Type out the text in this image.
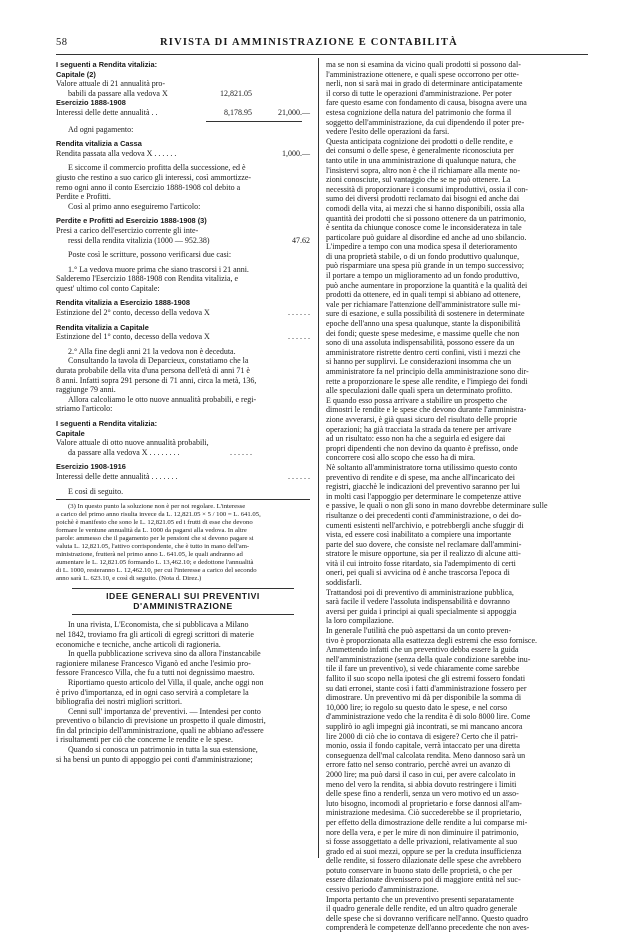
58	RIVISTA DI AMMINISTRAZIONE E CONTABILITÀ
I seguenti a Rendita vitalizia:
Capitale (2)
Valore attuale di 21 annualità pro-
babili da passare alla vedova X	12,821.05
Esercizio 1888-1908
Interessi delle dette annualità . .	8,178.95	21,000.—
Ad ogni pagamento:
Rendita vitalizia a Cassa
Rendita passata alla vedova X . . . . . .	1,000.—
E siccome il commercio profitta della successione, ed è
giusto che restino a suo carico gli interessi, così ammortizze-
remo ogni anno il conto Esercizio 1888-1908 col debito a
Perdite e Profitti.
Così al primo anno eseguiremo l'articolo:
Perdite e Profitti ad Esercizio 1888-1908 (3)
Presi a carico dell'esercizio corrente gli inte-
ressi della rendita vitalizia (1000 — 952.38)	47.62
Poste così le scritture, possono verificarsi due casi:
1.° La vedova muore prima che siano trascorsi i 21 anni.
Salderemo l'Esercizio 1888-1908 con Rendita vitalizia, e
quest' ultimo col conto Capitale:
Rendita vitalizia a Esercizio 1888-1908
Estinzione del 2° conto, decesso della vedova X	. . . . . .
Rendita vitalizia a Capitale
Estinzione del 1° conto, decesso della vedova X	. . . . . .
2.° Alla fine degli anni 21 la vedova non è deceduta.
Consultando la tavola di Deparcieux, constatiamo che la
durata probabile della vita d'una persona dell'età di anni 71 è
8 anni. Infatti sopra 291 persone di 71 anni, circa la metà, 136,
raggiunge 79 anni.
Allora calcoliamo le otto nuove annualità probabili, e regi-
striamo l'articolo:
I seguenti a Rendita vitalizia:
Capitale
Valore attuale di otto nuove annualità probabili,
da passare alla vedova X . . . . . . . .	. . . . . .
Esercizio 1908-1916
Interessi delle dette annualità . . . . . . .	. . . . . .
E così di seguito.
(3) In questo punto la soluzione non è per noi regolare. L'interesse
a carico del primo anno risulta invece da L. 12,821.05 × 5 / 100 = L. 641.05,
poichè è manifesto che sono le L. 12,821.05 ed i frutti di esse che devono
formare le ventune annualità da L. 1000 da pagarsi alla vedova. In altre
parole: ammesso che il pagamento per le pensioni che si devono pagare si
valuta L. 12,821.05, l'attivo corrispondente, che è tutto in mano dell'am-
ministrazione, frutterà nel primo anno L. 641.05, le quali andranno ad
aumentare le L. 12,821.05 formando L. 13,462.10; e dedottone l'annualità
di L. 1000, resteranno L. 12,462.10, per cui l'interesse a carico del secondo
anno sarà L. 623.10, e così di seguito. (Nota d. Direz.)
IDEE GENERALI SUI PREVENTIVI D'AMMINISTRAZIONE
In una rivista, L'Economista, che si pubblicava a Milano
nel 1842, troviamo fra gli articoli di egregi scrittori di materie
economiche e tecniche, anche articoli di ragioneria.
In quella pubblicazione scriveva sino da allora l'instancabile
ragioniere milanese Francesco Viganò ed anche l'esimio pro-
fessore Francesco Villa, che fu a tutti noi degnissimo maestro.
Riportiamo questo articolo del Villa, il quale, anche oggi non
è privo d'importanza, ed in ogni caso servirà a completare la
bibliografia dei nostri migliori scrittori.
Cenni sull' importanza de' preventivi. — Intendesi per conto
preventivo o bilancio di previsione un prospetto il quale dimostri,
fin dal principio dell'amministrazione, quali ne abbiano ad'essere
i risultamenti per ciò che concerne le rendite e le spese.
Quando si conosca un patrimonio in tutta la sua estensione,
si ha bensì un punto di appoggio pei conti d'amministrazione;
ma se non si esamina da vicino quali prodotti si possono dal-
l'amministrazione ottenere, e quali spese occorrono per otte-
nerli, non si sarà mai in grado di determinare anticipatamente
il corso di tutte le operazioni d'amministrazione. Per poter
fare questo esame con fondamento di causa, bisogna avere una
estesa cognizione della natura del patrimonio che forma il
soggetto dell'amministrazione, da cui dipendendo il poter pre-
vedere l'esito delle operazioni da farsi.
Questa anticipata cognizione dei prodotti o delle rendite, e
dei consumi o delle spese, è generalmente riconosciuta per
tanto utile in una amministrazione di qualunque natura, che
l'insistervi sopra, altro non è che il richiamare alla mente no-
zioni conosciute, sul vantaggio che se ne può ottenere. La
necessità di proporzionare i consumi improduttivi, ossia il con-
sumo dei diversi prodotti reclamato dai bisogni ed anche dai
comodi della vita, ai mezzi che si hanno disponibili, ossia alla
quantità dei prodotti che si possono ottenere da un patrimonio,
è sentita da chiunque conosce come le inconsiderateza in tale
particolare può guidare al disordine ed anche ad uno sbilancio.
L'impedire a tempo con una modica spesa il deterioramento
di una proprietà stabile, o di un fondo produttivo qualunque,
può risparmiare una spesa più grande in un tempo successivo;
il portare a tempo un miglioramento ad un fondo produttivo,
può anche aumentare in proporzione la quantità e la qualità dei
prodotti da ottenere, ed in quali tempi si abbiano ad ottenere,
vale per richiamare l'attenzione dell'amministratore sulle mi-
sure di esazione, e sulla possibilità di sostenere in determinate
epoche dell'anno una spesa qualunque, stante la disponibilità
dei fondi; queste spese medesime, e massime quelle che non
sono di una assoluta indispensabilità, possono essere da un
amministratore ristrette dentro certi confini, visti i mezzi che
si hanno per supplirvi. Le considerazioni insomma che un
amministratore fa nel principio della amministrazione sono dir-
rette a proporzionare le spese alle rendite, e l'impiego dei fondi
alle speculazioni dalle quali spera un determinato profitto.
E quando esso possa arrivare a stabilire un prospetto che
dimostri le rendite e le spese che devono durante l'amministra-
zione avverarsi, è già quasi sicuro del risultato delle proprie
operazioni; ha già tracciata la strada da tenere per arrivare
ad un risultato: esso non ha che a seguirla ed esigere dai
propri dipendenti che non devino da quanto è prefisso, onde
concorrere così allo scopo che esso ha di mira.
Nè soltanto all'amministratore torna utilissimo questo conto
preventivo di rendite e di spese, ma anche all'incaricato dei
registri, giacchè le indicazioni del preventivo saranno per lui
in molti casi l'appoggio per determinare le competenze attive
e passive, le quali o non gli sono in mano dovrebbe determinare sulle
risultanze o dei precedenti conti d'amministrazione, o dei do-
cumenti esistenti nell'archivio, e potrebbergli anche sfuggir di
vista, ed essere così inabilitato a compiere una importante
parte del suo dovere, che consiste nel reclamare dall'ammini-
stratore le misure opportune, sia per il realizzo di alcune atti-
vità il cui introito fosse ritardato, sia l'adempimento di certi
oneri, pei quali si avvicina od è anche trascorsa l'epoca di
soddisfarli.
Trattandosi poi di preventivo di amministrazione pubblica,
sarà facile il vedere l'assoluta indispensabilità e dovranno
aversi per guida i principi ai quali specialmente si appoggia
la loro compilazione.
In generale l'utilità che può aspettarsi da un conto preven-
tivo è proporzionata alla esattezza degli estremi che esso fornisce.
Ammettendo infatti che un preventivo debba essere la guida
nell'amministrazione (senza della quale condizione sarebbe inu-
tile il fare un preventivo), si vede chiaramente come sarebbe
fallito il suo scopo nella ipotesi che gli estremi fossero fondati
su dati erronei, stante così i fatti d'amministrazione fossero per
dimostrare. Un preventivo mi dà per disponibile la somma di
10,000 lire; io regolo su questo dato le spese, e nel corso
d'amministrazione vedo che la rendita è di solo 8000 lire. Come
supplirò io agli impegni già incontrati, se mi mancano ancora
lire 2000 di ciò che io contava di esigere? Certo che il patri-
monio, ossia il fondo capitale, verrà intaccato per una diretta
conseguenza dell'mal calcolata rendita. Meno dannoso sarà un
errore fatto nel senso contrario, perchè avrei un avanzo di
2000 lire; ma può darsi il caso in cui, per avere calcolato in
meno del vero la rendita, si abbia dovuto restringere i limiti
delle spese fino a renderli, senza un vero motivo ed un asso-
luto bisogno, incomodi al proprietario e forse dannosi all'am-
ministrazione medesima. Ciò succederebbe se il proprietario,
per effetto della dimostrazione delle rendite a lui comparse mi-
nore della vera, e per le mire di non diminuire il patrimonio,
si fosse assoggettato a delle privazioni, relativamente al suo
grado ed ai suoi mezzi, oppure se per la creduta insufficienza
delle rendite, si fossero dilazionate delle spese che avrebbero
potuto conservare in buono stato delle proprietà, o che per
essere dilazionate divenissero poi di maggiore entità nel suc-
cessivo periodo d'amministrazione.
Importa pertanto che un preventivo presenti separatamente
il quadro generale delle rendite, ed un altro quadro generale
delle spese che si dovranno verificare nell'anno. Questo quadro
comprenderà le competenze dell'anno precedente che non aves-
